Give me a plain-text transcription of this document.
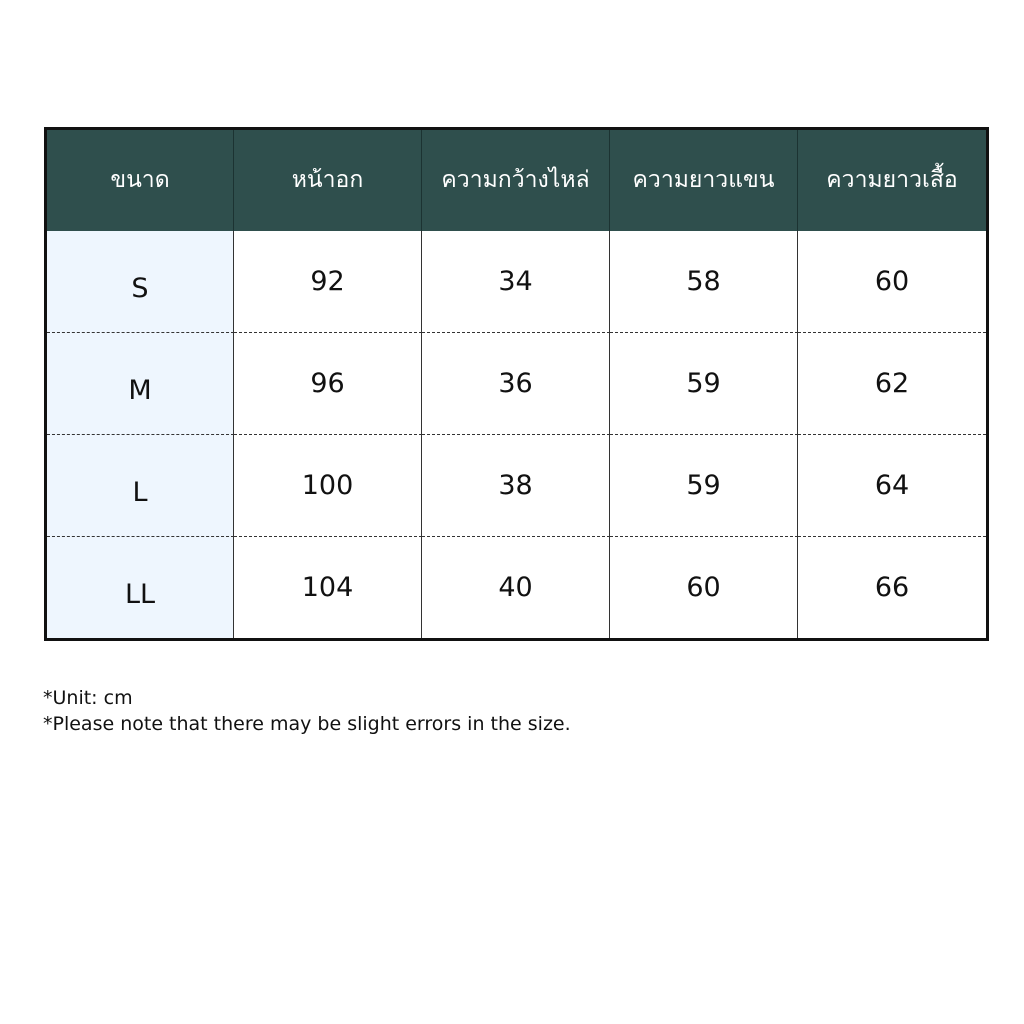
ขนาด	หน้าอก	ความกว้างไหล่	ความยาวแขน	ความยาวเสื้อ
S	92	34	58	60
M	96	36	59	62
L	100	38	59	64
LL	104	40	60	66
*Unit: cm
*Please note that there may be slight errors in the size.
